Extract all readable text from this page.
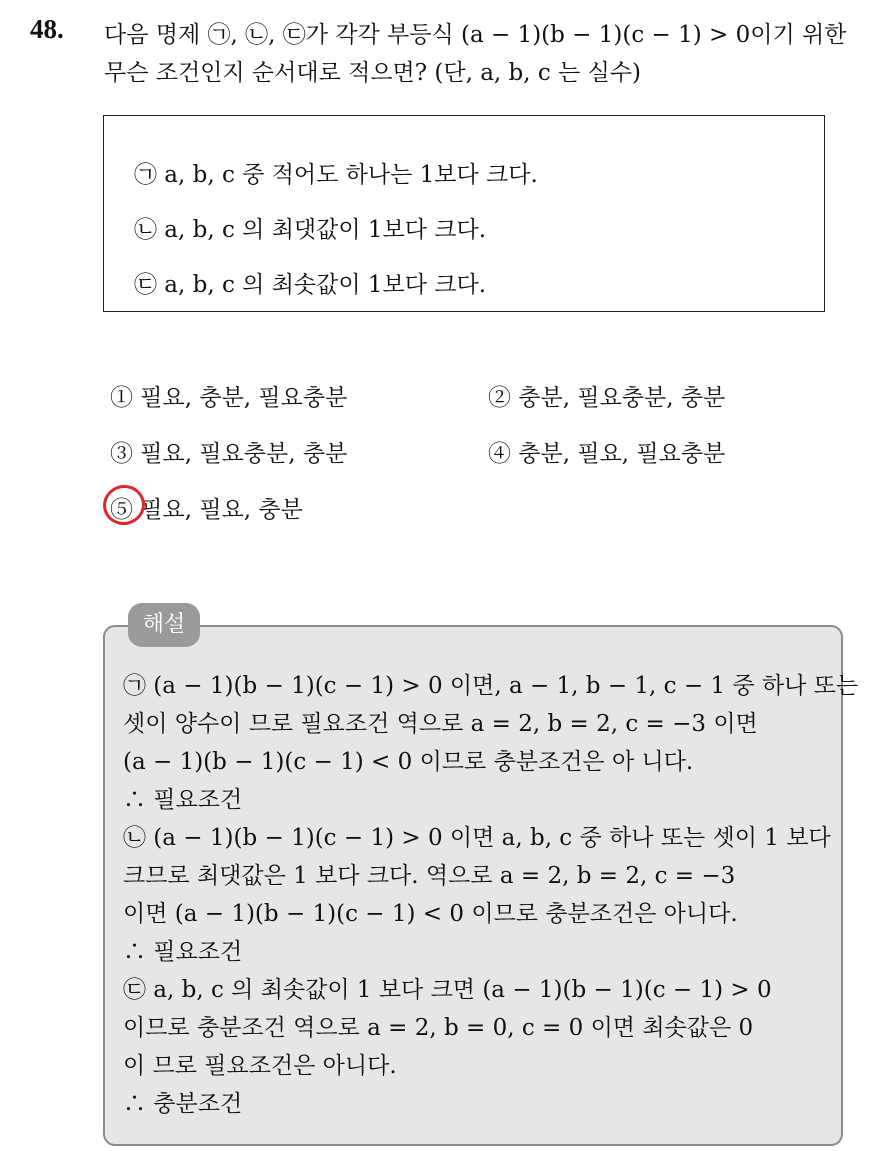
48. 다음 명제 ㉠, ㉡, ㉢가 각각 부등식 (a − 1)(b − 1)(c − 1) > 0이기 위한
무슨 조건인지 순서대로 적으면? (단, a, b, c 는 실수)
㉠ a, b, c 중 적어도 하나는 1보다 크다.
㉡ a, b, c 의 최댓값이 1보다 크다.
㉢ a, b, c 의 최솟값이 1보다 크다.
① 필요, 충분, 필요충분	② 충분, 필요충분, 충분
③ 필요, 필요충분, 충분	④ 충분, 필요, 필요충분
⑤ 필요, 필요, 충분
해설
㉠ (a − 1)(b − 1)(c − 1) > 0 이면, a − 1, b − 1, c − 1 중 하나 또는
셋이 양수이 므로 필요조건 역으로 a = 2, b = 2, c = −3 이면
(a − 1)(b − 1)(c − 1) < 0 이므로 충분조건은 아 니다.
∴ 필요조건
㉡ (a − 1)(b − 1)(c − 1) > 0 이면 a, b, c 중 하나 또는 셋이 1 보다
크므로 최댓값은 1 보다 크다. 역으로 a = 2, b = 2, c = −3
이면 (a − 1)(b − 1)(c − 1) < 0 이므로 충분조건은 아니다.
∴ 필요조건
㉢ a, b, c 의 최솟값이 1 보다 크면 (a − 1)(b − 1)(c − 1) > 0
이므로 충분조건 역으로 a = 2, b = 0, c = 0 이면 최솟값은 0
이 므로 필요조건은 아니다.
∴ 충분조건
